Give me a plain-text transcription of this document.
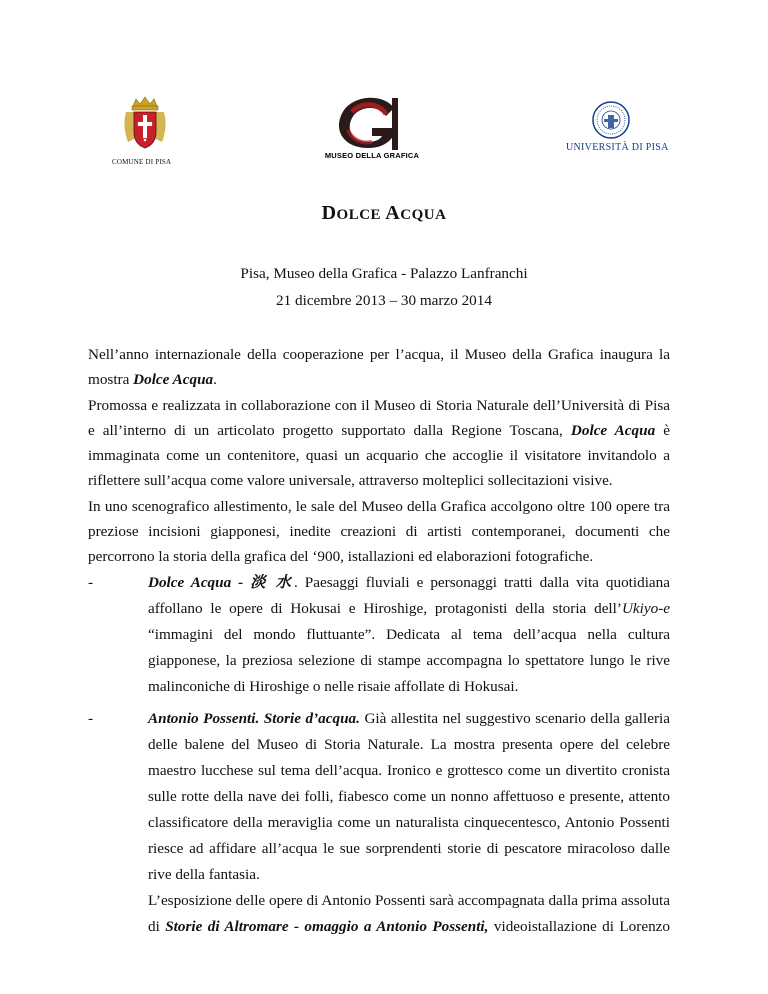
COMUNE DI PISA
MUSEO DELLA GRAFICA
UNIVERSITÀ DI PISA
DOLCE ACQUA
Pisa, Museo della Grafica - Palazzo Lanfranchi
21 dicembre 2013 – 30 marzo 2014
Nell’anno internazionale della cooperazione per l’acqua, il Museo della Grafica inaugura la mostra Dolce Acqua.
Promossa e realizzata in collaborazione con il Museo di Storia Naturale dell’Università di Pisa e all’interno di un articolato progetto supportato dalla Regione Toscana, Dolce Acqua è immaginata come un contenitore, quasi un acquario che accoglie il visitatore invitandolo a riflettere sull’acqua come valore universale, attraverso molteplici sollecitazioni visive.
In uno scenografico allestimento, le sale del Museo della Grafica accolgono oltre 100 opere tra preziose incisioni giapponesi, inedite creazioni di artisti contemporanei, documenti che percorrono la storia della grafica del ‘900, istallazioni ed elaborazioni fotografiche.
-	Dolce Acqua - 淡 水. Paesaggi fluviali e personaggi tratti dalla vita quotidiana affollano le opere di Hokusai e Hiroshige, protagonisti della storia dell’Ukiyo-e “immagini del mondo fluttuante”. Dedicata al tema dell’acqua nella cultura giapponese, la preziosa selezione di stampe accompagna lo spettatore lungo le rive malinconiche di Hiroshige o nelle risaie affollate di Hokusai.
-	Antonio Possenti. Storie d’acqua. Già allestita nel suggestivo scenario della galleria delle balene del Museo di Storia Naturale. La mostra presenta opere del celebre maestro lucchese sul tema dell’acqua. Ironico e grottesco come un divertito cronista sulle rotte della nave dei folli, fiabesco come un nonno affettuoso e presente, attento classificatore della meraviglia come un naturalista cinquecentesco, Antonio Possenti riesce ad affidare all’acqua le sue sorprendenti storie di pescatore miracoloso dalle rive della fantasia.
L’esposizione delle opere di Antonio Possenti sarà accompagnata dalla prima assoluta di Storie di Altromare - omaggio a Antonio Possenti, videoistallazione di Lorenzo
